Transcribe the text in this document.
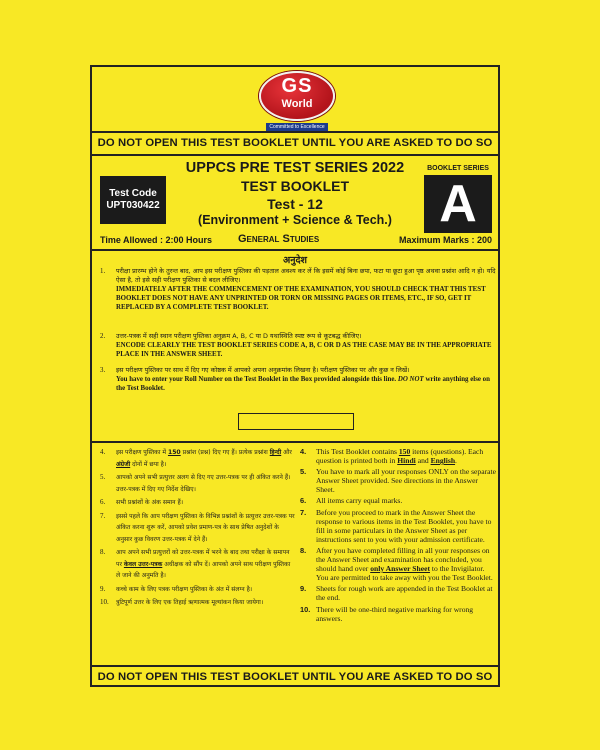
GS
World
Committed to Excellence
DO NOT OPEN THIS TEST BOOKLET UNTIL YOU ARE ASKED TO DO SO
Test Code
UPT030422
UPPCS PRE TEST SERIES 2022
TEST BOOKLET
Test - 12
(Environment + Science & Tech.)
BOOKLET SERIES
A
Time Allowed : 2:00 Hours General Studies	Maximum Marks : 200
अनुदेश
1.	परीक्षा प्रारम्भ होने के तुरन्त बाद, आप इस परीक्षण पुस्तिका की पड़ताल अवश्य कर लें कि इसमें कोई बिना छपा, फटा या छूटा हुआ पृष्ठ अथवा प्रश्नांश आदि न हो। यदि ऐसा है, तो इसे सही परीक्षण पुस्तिका से बदल लीजिए।
IMMEDIATELY AFTER THE COMMENCEMENT OF THE EXAMINATION, YOU SHOULD CHECK THAT THIS TEST BOOKLET DOES NOT HAVE ANY UNPRINTED OR TORN OR MISSING PAGES OR ITEMS, ETC., IF SO, GET IT REPLACED BY A COMPLETE TEST BOOKLET.
2.	उत्तर-पत्रक में सही स्थान परीक्षण पुस्तिका अनुक्रम A, B, C या D यथास्थिति स्पष्ट रूप से कूटबद्ध कीजिए।
ENCODE CLEARLY THE TEST BOOKLET SERIES CODE A, B, C OR D AS THE CASE MAY BE IN THE APPROPRIATE PLACE IN THE ANSWER SHEET.
3.	इस परीक्षण पुस्तिका पर साथ में दिए गए कोष्ठक में आपको अपना अनुक्रमांक लिखना है। परीक्षण पुस्तिका पर और कुछ न लिखें।
You have to enter your Roll Number on the Test Booklet in the Box provided alongside this line. DO NOT write anything else on the Test Booklet.
4.	इस परीक्षण पुस्तिका में 150 प्रश्नांश (प्रश्न) दिए गए हैं। प्रत्येक प्रश्नांश हिन्दी और अंग्रेजी दोनों में छपा है।
5.	आपको अपने सभी प्रत्युत्तर अलग से दिए गए उत्तर-पत्रक पर ही अंकित करने हैं। उत्तर-पत्रक में दिए गए निर्देश देखिए।
6.	सभी प्रश्नांशों के अंक समान हैं।
7.	इससे पहले कि आप परीक्षण पुस्तिका के विभिन्न प्रश्नांशों के प्रत्युत्तर उत्तर-पत्रक पर अंकित करना शुरू करें, आपको प्रवेश प्रमाण-पत्र के साथ प्रेषित अनुदेशों के अनुसार कुछ विवरण उत्तर-पत्रक में देने हैं।
8.	आप अपने सभी प्रत्युत्तरों को उत्तर-पत्रक में भरने के बाद तथा परीक्षा के समापन पर केवल उत्तर-पत्रक अधीक्षक को सौंप दें। आपको अपने साथ परीक्षण पुस्तिका ले जाने की अनुमति है।
9.	कच्चे काम के लिए पत्रक परीक्षण पुस्तिका के अंत में संलग्न है।
10.	त्रुटिपूर्ण उत्तर के लिए एक तिहाई ऋणात्मक मूल्यांकन किया जायेगा।
4.	This Test Booklet contains 150 items (questions). Each question is printed both in Hindi and English.
5.	You have to mark all your responses ONLY on the separate Answer Sheet provided. See directions in the Answer Sheet.
6.	All items carry equal marks.
7.	Before you proceed to mark in the Answer Sheet the response to various items in the Test Booklet, you have to fill in some particulars in the Answer Sheet as per instructions sent to you with your admission certificate.
8.	After you have completed filling in all your responses on the Answer Sheet and examination has concluded, you should hand over only Answer Sheet to the Invigilator. You are permitted to take away with you the Test Booklet.
9.	Sheets for rough work are appended in the Test Booklet at the end.
10. There will be one-third negative marking for wrong answers.
DO NOT OPEN THIS TEST BOOKLET UNTIL YOU ARE ASKED TO DO SO
